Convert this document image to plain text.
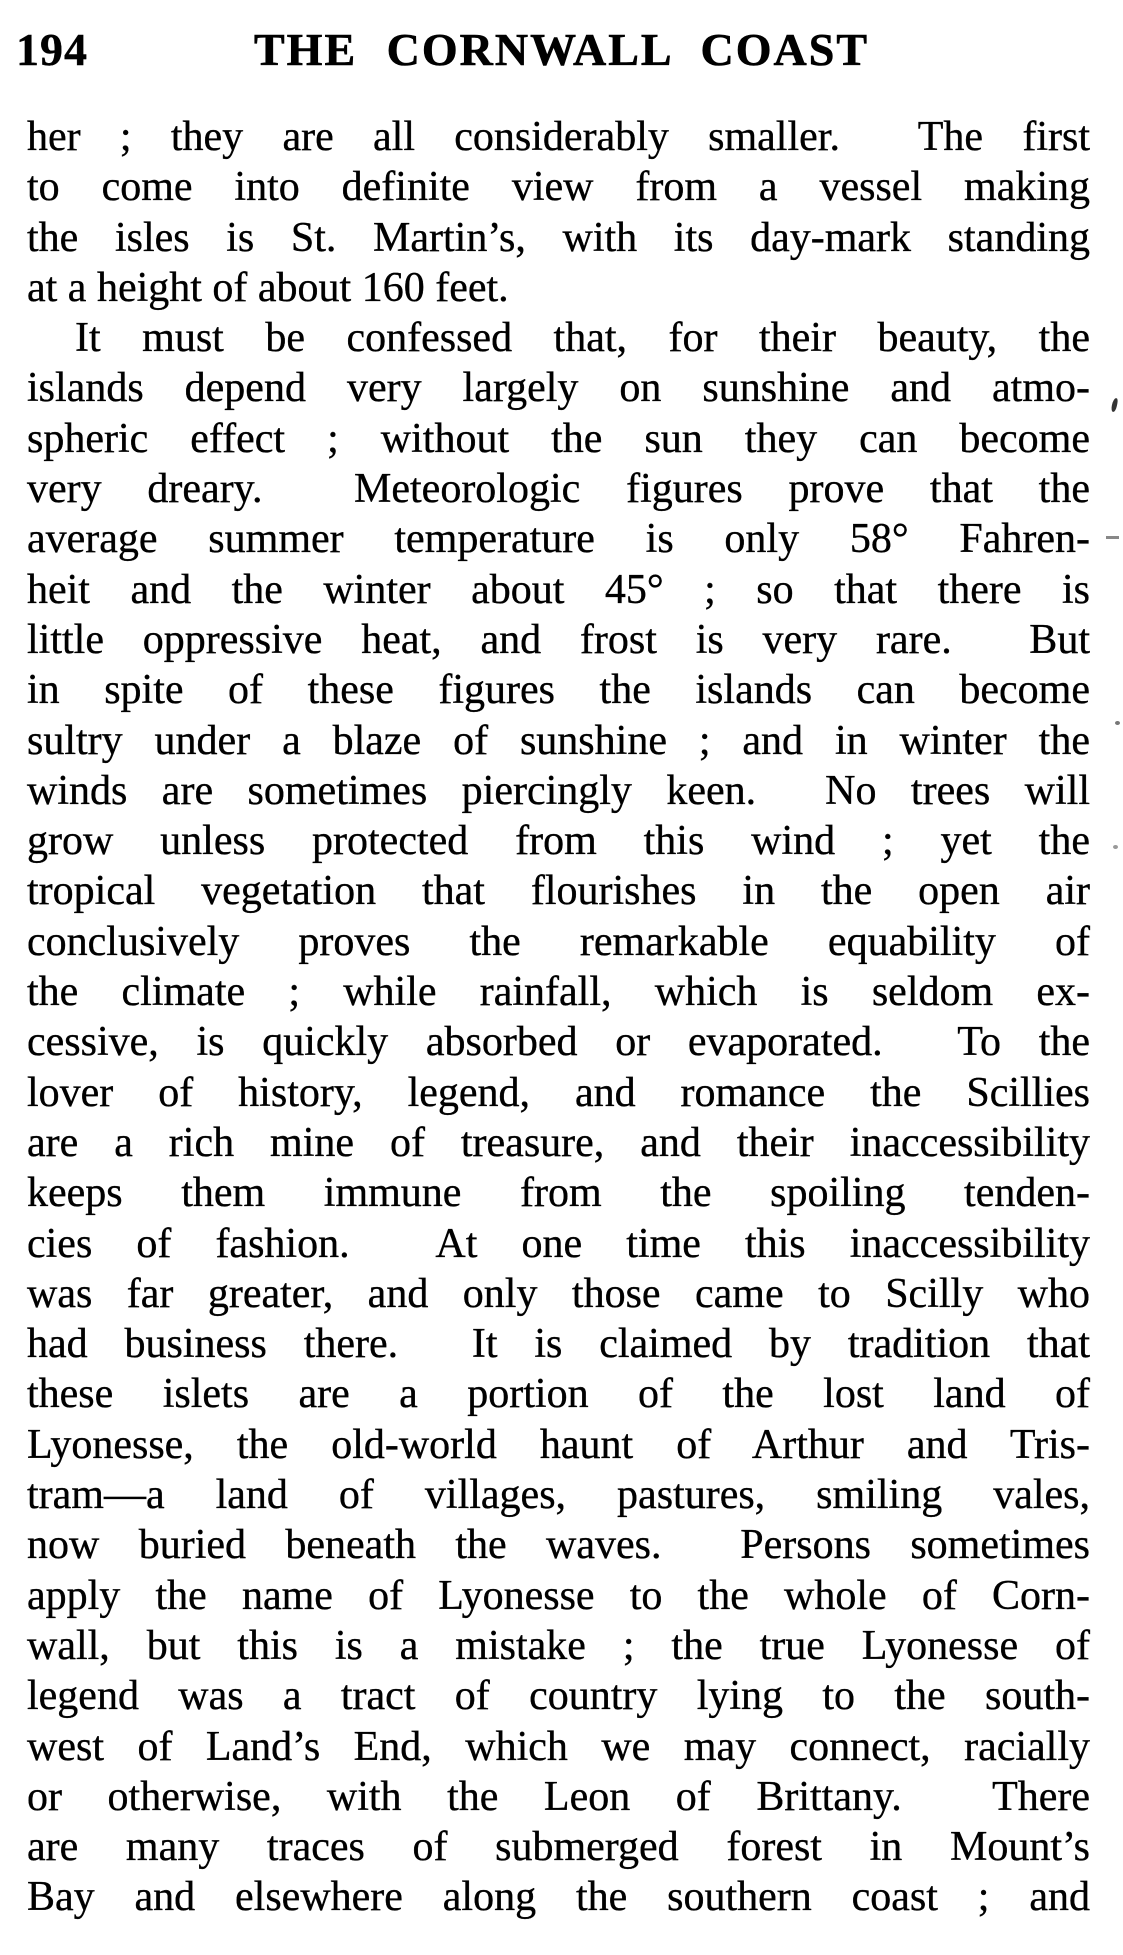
194	THE CORNWALL COAST
her ; they are all considerably smaller.  The first
to come into definite view from a vessel making
the isles is St. Martin’s, with its day-mark standing
at a height of about 160 feet.
It must be confessed that, for their beauty, the
islands depend very largely on sunshine and atmo-
spheric effect ; without the sun they can become
very dreary.  Meteorologic figures prove that the
average summer temperature is only 58° Fahren-
heit and the winter about 45° ; so that there is
little oppressive heat, and frost is very rare.  But
in spite of these figures the islands can become
sultry under a blaze of sunshine ; and in winter the
winds are sometimes piercingly keen.  No trees will
grow unless protected from this wind ; yet the
tropical vegetation that flourishes in the open air
conclusively proves the remarkable equability of
the climate ; while rainfall, which is seldom ex-
cessive, is quickly absorbed or evaporated.  To the
lover of history, legend, and romance the Scillies
are a rich mine of treasure, and their inaccessibility
keeps them immune from the spoiling tenden-
cies of fashion.  At one time this inaccessibility
was far greater, and only those came to Scilly who
had business there.  It is claimed by tradition that
these islets are a portion of the lost land of
Lyonesse, the old-world haunt of Arthur and Tris-
tram—a land of villages, pastures, smiling vales,
now buried beneath the waves.  Persons sometimes
apply the name of Lyonesse to the whole of Corn-
wall, but this is a mistake ; the true Lyonesse of
legend was a tract of country lying to the south-
west of Land’s End, which we may connect, racially
or otherwise, with the Leon of Brittany.  There
are many traces of submerged forest in Mount’s
Bay and elsewhere along the southern coast ; and
